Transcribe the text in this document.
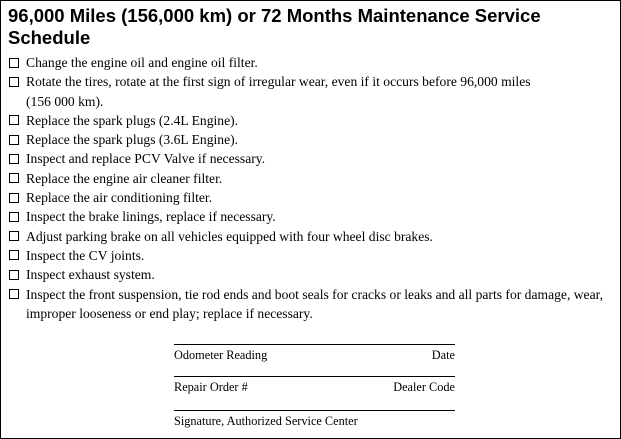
96,000 Miles (156,000 km) or 72 Months Maintenance Service Schedule
Change the engine oil and engine oil filter.
Rotate the tires, rotate at the first sign of irregular wear, even if it occurs before 96,000 miles (156 000 km).
Replace the spark plugs (2.4L Engine).
Replace the spark plugs (3.6L Engine).
Inspect and replace PCV Valve if necessary.
Replace the engine air cleaner filter.
Replace the air conditioning filter.
Inspect the brake linings, replace if necessary.
Adjust parking brake on all vehicles equipped with four wheel disc brakes.
Inspect the CV joints.
Inspect exhaust system.
Inspect the front suspension, tie rod ends and boot seals for cracks or leaks and all parts for damage, wear, improper looseness or end play; replace if necessary.
Odometer Reading	Date
Repair Order #	Dealer Code
Signature, Authorized Service Center
